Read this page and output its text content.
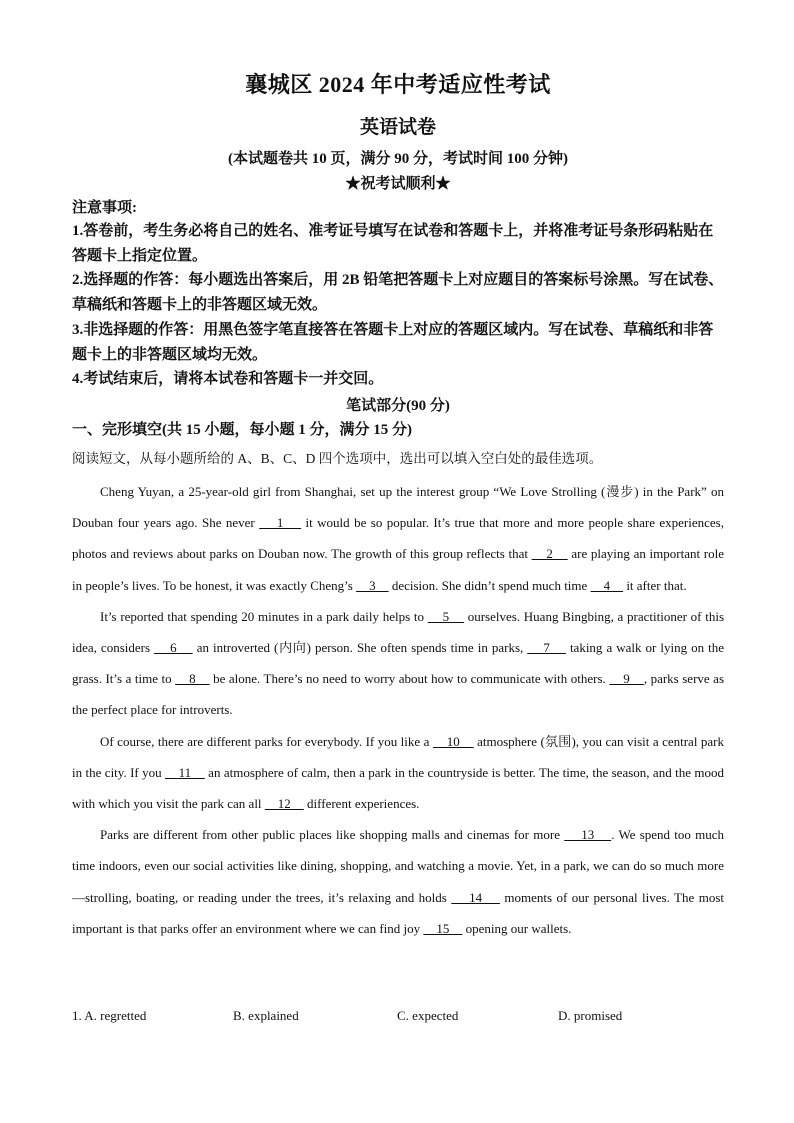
襄城区 2024 年中考适应性考试
英语试卷
(本试题卷共 10 页，满分 90 分，考试时间 100 分钟)
★祝考试顺利★
注意事项:
1.答卷前，考生务必将自己的姓名、准考证号填写在试卷和答题卡上，并将准考证号条形码粘贴在答题卡上指定位置。
2.选择题的作答：每小题选出答案后，用 2B 铅笔把答题卡上对应题目的答案标号涂黑。写在试卷、草稿纸和答题卡上的非答题区域无效。
3.非选择题的作答：用黑色签字笔直接答在答题卡上对应的答题区域内。写在试卷、草稿纸和非答题卡上的非答题区域均无效。
4.考试结束后，请将本试卷和答题卡一并交回。
笔试部分(90 分)
一、完形填空(共 15 小题，每小题 1 分，满分 15 分)
阅读短文，从每小题所给的 A、B、C、D 四个选项中，选出可以填入空白处的最佳选项。

Cheng Yuyan, a 25-year-old girl from Shanghai, set up the interest group “We Love Strolling (漫步) in the Park” on Douban four years ago. She never     1     it would be so popular. It’s true that more and more people share experiences, photos and reviews about parks on Douban now. The growth of this group reflects that     2     are playing an important role in people’s lives. To be honest, it was exactly Cheng’s     3     decision. She didn’t spend much time     4     it after that.

It’s reported that spending 20 minutes in a park daily helps to     5     ourselves. Huang Bingbing, a practitioner of this idea, considers     6     an introverted (内向) person. She often spends time in parks,     7     taking a walk or lying on the grass. It’s a time to     8     be alone. There’s no need to worry about how to communicate with others.     9    , parks serve as the perfect place for introverts.

Of course, there are different parks for everybody. If you like a     10     atmosphere (氛围), you can visit a central park in the city. If you     11     an atmosphere of calm, then a park in the countryside is better. The time, the season, and the mood with which you visit the park can all     12     different experiences.

Parks are different from other public places like shopping malls and cinemas for more     13    . We spend too much time indoors, even our social activities like dining, shopping, and watching a movie. Yet, in a park, we can do so much more—strolling, boating, or reading under the trees, it’s relaxing and holds     14     moments of our personal lives. The most important is that parks offer an environment where we can find joy     15     opening our wallets.

1. A. regretted	B. explained	C. expected	D. promised
